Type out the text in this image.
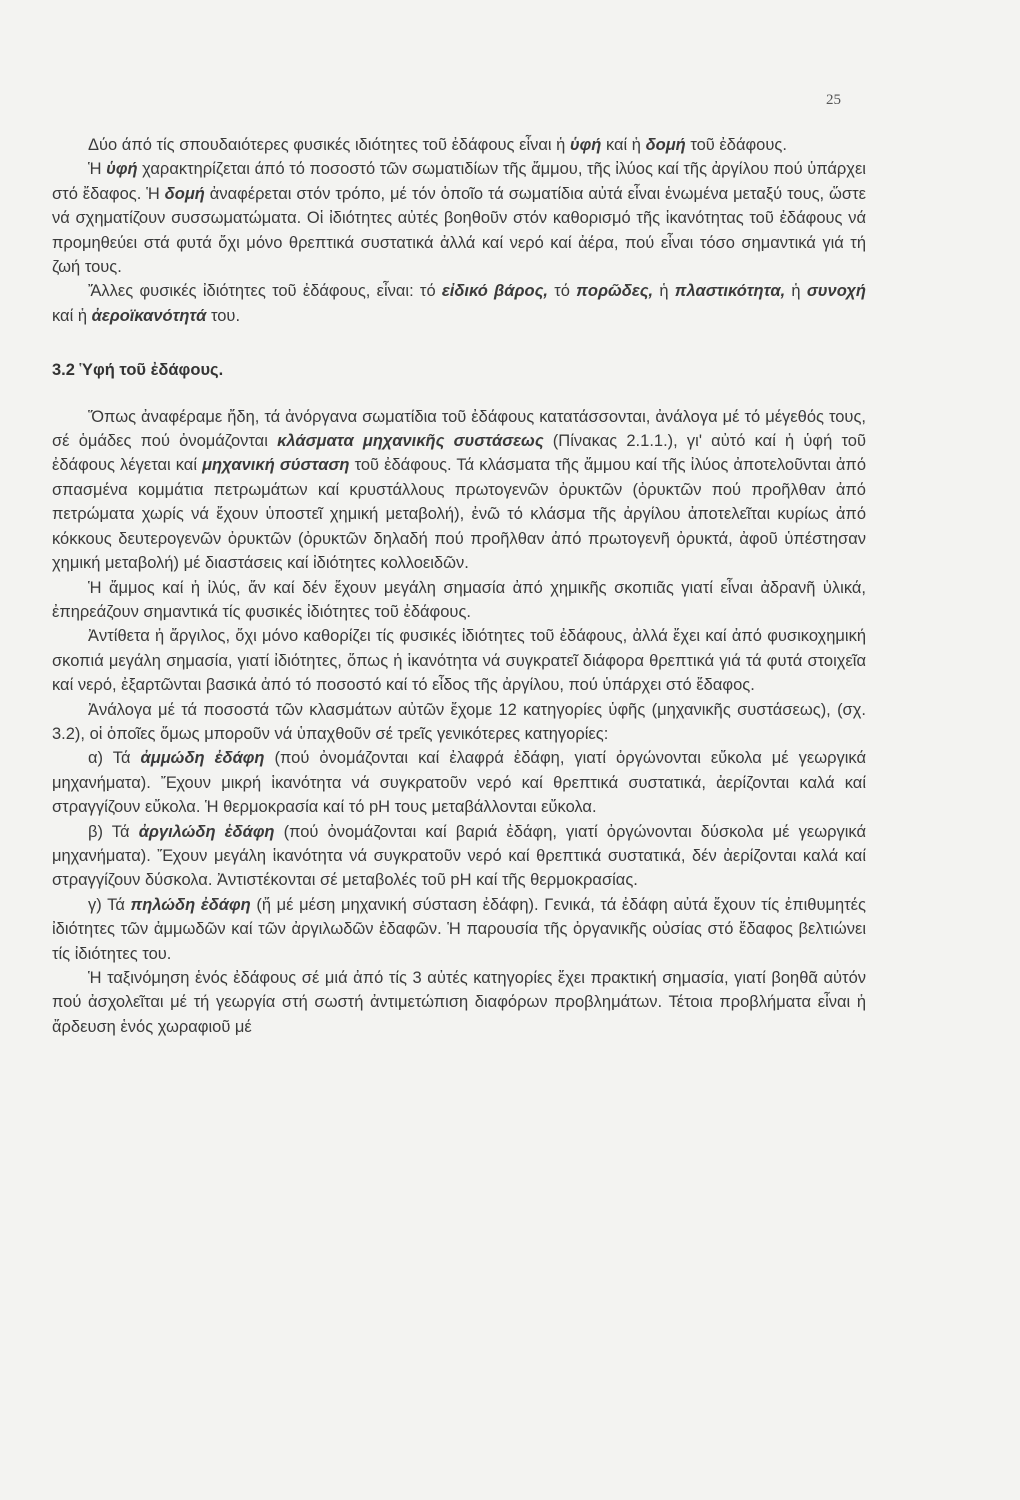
25

Δύο άπό τίς σπουδαιότερες φυσικές ιδιότητες τοῦ ἐδάφους εἶναι ἡ ὑφή καί ἡ δομή τοῦ ἐδάφους.

Ἡ ὑφή χαρακτηρίζεται άπό τό ποσοστό τῶν σωματιδίων τῆς ἄμμου, τῆς ἰλύος καί τῆς ἀργίλου πού ὑπάρχει στό ἔδαφος. Ἡ δομή ἀναφέρεται στόν τρόπο, μέ τόν ὁποῖο τά σωματίδια αὐτά εἶναι ἑνωμένα μεταξύ τους, ὥστε νά σχηματίζουν συσσωματώματα. Οἱ ἰδιότητες αὐτές βοηθοῦν στόν καθορισμό τῆς ἱκανότητας τοῦ ἐδάφους νά προμηθεύει στά φυτά ὄχι μόνο θρεπτικά συστατικά ἀλλά καί νερό καί ἀέρα, πού εἶναι τόσο σημαντικά γιά τή ζωή τους.

Ἄλλες φυσικές ἰδιότητες τοῦ ἐδάφους, εἶναι: τό εἰδικό βάρος, τό πορῶδες, ἡ πλαστικότητα, ἡ συνοχή καί ἡ ἀεροϊκανότητά του.

3.2 Ὑφή τοῦ ἐδάφους.

Ὅπως ἀναφέραμε ἤδη, τά ἀνόργανα σωματίδια τοῦ ἐδάφους κατατάσσονται, ἀνάλογα μέ τό μέγεθός τους, σέ ὁμάδες πού ὀνομάζονται κλάσματα μηχανικῆς συστάσεως (Πίνακας 2.1.1.), γι' αὐτό καί ἡ ὑφή τοῦ ἐδάφους λέγεται καί μηχανική σύσταση τοῦ ἐδάφους. Τά κλάσματα τῆς ἄμμου καί τῆς ἰλύος ἀποτελοῦνται ἀπό σπασμένα κομμάτια πετρωμάτων καί κρυστάλλους πρωτογενῶν ὀρυκτῶν (ὀρυκτῶν πού προῆλθαν ἀπό πετρώματα χωρίς νά ἔχουν ὑποστεῖ χημική μεταβολή), ἐνῶ τό κλάσμα τῆς ἀργίλου ἀποτελεῖται κυρίως ἀπό κόκκους δευτερογενῶν ὀρυκτῶν (ὀρυκτῶν δηλαδή πού προῆλθαν ἀπό πρωτογενῆ ὀρυκτά, ἀφοῦ ὑπέστησαν χημική μεταβολή) μέ διαστάσεις καί ἰδιότητες κολλοειδῶν.

Ἡ ἄμμος καί ἡ ἰλύς, ἄν καί δέν ἔχουν μεγάλη σημασία ἀπό χημικῆς σκοπιᾶς γιατί εἶναι ἀδρανῆ ὑλικά, ἐπηρεάζουν σημαντικά τίς φυσικές ἰδιότητες τοῦ ἐδάφους.

Ἀντίθετα ἡ ἄργιλος, ὄχι μόνο καθορίζει τίς φυσικές ἰδιότητες τοῦ ἐδάφους, ἀλλά ἔχει καί ἀπό φυσικοχημική σκοπιά μεγάλη σημασία, γιατί ἰδιότητες, ὅπως ἡ ἱκανότητα νά συγκρατεῖ διάφορα θρεπτικά γιά τά φυτά στοιχεῖα καί νερό, ἐξαρτῶνται βασικά ἀπό τό ποσοστό καί τό εἶδος τῆς ἀργίλου, πού ὑπάρχει στό ἔδαφος.

Ἀνάλογα μέ τά ποσοστά τῶν κλασμάτων αὐτῶν ἔχομε 12 κατηγορίες ὑφῆς (μηχανικῆς συστάσεως), (σχ. 3.2), οἱ ὁποῖες ὅμως μποροῦν νά ὑπαχθοῦν σέ τρεῖς γενικότερες κατηγορίες:

α) Τά ἀμμώδη ἐδάφη (πού ὀνομάζονται καί ἐλαφρά ἐδάφη, γιατί ὀργώνονται εὔκολα μέ γεωργικά μηχανήματα). Ἔχουν μικρή ἱκανότητα νά συγκρατοῦν νερό καί θρεπτικά συστατικά, ἀερίζονται καλά καί στραγγίζουν εὔκολα. Ἡ θερμοκρασία καί τό pH τους μεταβάλλονται εὔκολα.

β) Τά ἀργιλώδη ἐδάφη (πού ὀνομάζονται καί βαριά ἐδάφη, γιατί ὀργώνονται δύσκολα μέ γεωργικά μηχανήματα). Ἔχουν μεγάλη ἱκανότητα νά συγκρατοῦν νερό καί θρεπτικά συστατικά, δέν ἀερίζονται καλά καί στραγγίζουν δύσκολα. Ἀντιστέκονται σέ μεταβολές τοῦ pH καί τῆς θερμοκρασίας.

γ) Τά πηλώδη ἐδάφη (ἤ μέ μέση μηχανική σύσταση ἐδάφη). Γενικά, τά ἐδάφη αὐτά ἔχουν τίς ἐπιθυμητές ἰδιότητες τῶν ἀμμωδῶν καί τῶν ἀργιλωδῶν ἐδαφῶν. Ἡ παρουσία τῆς ὀργανικῆς οὐσίας στό ἔδαφος βελτιώνει τίς ἰδιότητες του.

Ἡ ταξινόμηση ἑνός ἐδάφους σέ μιά ἀπό τίς 3 αὐτές κατηγορίες ἔχει πρακτική σημασία, γιατί βοηθᾶ αὐτόν πού ἀσχολεῖται μέ τή γεωργία στή σωστή ἀντιμετώπιση διαφόρων προβλημάτων. Τέτοια προβλήματα εἶναι ἡ ἄρδευση ἑνός χωραφιοῦ μέ
